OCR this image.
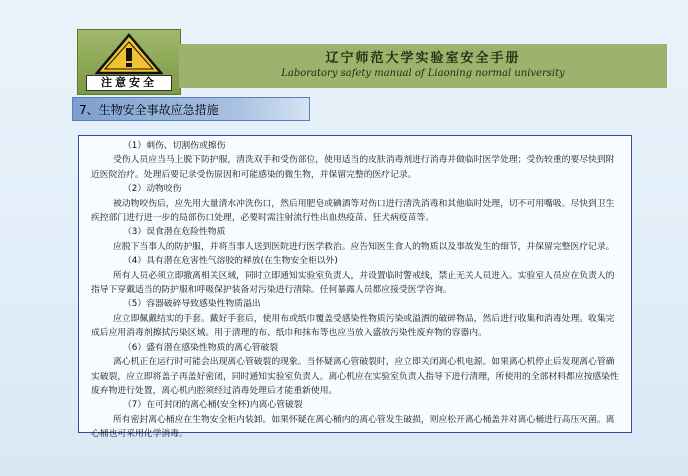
注意安全
辽宁师范大学实验室安全手册
Laboratory safety manual of Liaoning normal university
7、生物安全事故应急措施

（1）刺伤、切割伤或擦伤

受伤人员应当马上脱下防护服，清洗双手和受伤部位，使用适当的皮肤消毒剂进行消毒并做临时医学处理；受伤较重的要尽快到附近医院治疗。处理后要记录受伤原因和可能感染的微生物，并保留完整的医疗记录。

（2）动物咬伤

被动物咬伤后，应先用大量清水冲洗伤口，然后用肥皂或碘酒等对伤口进行清洗消毒和其他临时处理，切不可用嘴吸。尽快到卫生疾控部门进行进一步的局部伤口处理，必要时需注射流行性出血热疫苗、狂犬病疫苗等。

（3）误食潜在危险性物质

应脱下当事人的防护服，并将当事人送到医院进行医学救治。应告知医生食人的物质以及事故发生的细节，并保留完整医疗记录。

（4）具有潜在危害性气溶胶的释放(在生物安全柜以外)

所有人员必须立即撤离相关区域，同时立即通知实验室负责人，并设置临时警戒线，禁止无关人员进入。实验室人员应在负责人的指导下穿戴适当的防护服和呼吸保护装备对污染进行清除。任何暴露人员都应接受医学咨询。

（5）容器破碎导致感染性物质溢出

应立即佩戴结实的手套。戴好手套后，使用布或纸巾覆盖受感染性物质污染或溢洒的破碎物品，然后进行收集和消毒处理。收集完成后应用消毒剂擦拭污染区域。用于清理的布、纸巾和抹布等也应当放入盛放污染性废弃物的容器内。

（6）盛有潜在感染性物质的离心管破裂

离心机正在运行时可能会出现离心管破裂的现象。当怀疑离心管破裂时，应立即关闭离心机电源。如果离心机停止后发现离心管确实破裂，应立即将盖子再盖好密闭，同时通知实验室负责人。离心机应在实验室负责人指导下进行清理，所使用的全部材料都应按感染性废弃物进行处置，离心机内腔须经过消毒处理后才能重新使用。

（7）在可封闭的离心桶(安全杯)内离心管破裂

所有密封离心桶应在生物安全柜内装卸。如果怀疑在离心桶内的离心管发生破损，则应松开离心桶盖并对离心桶进行高压灭菌。离心桶也可采用化学消毒。
